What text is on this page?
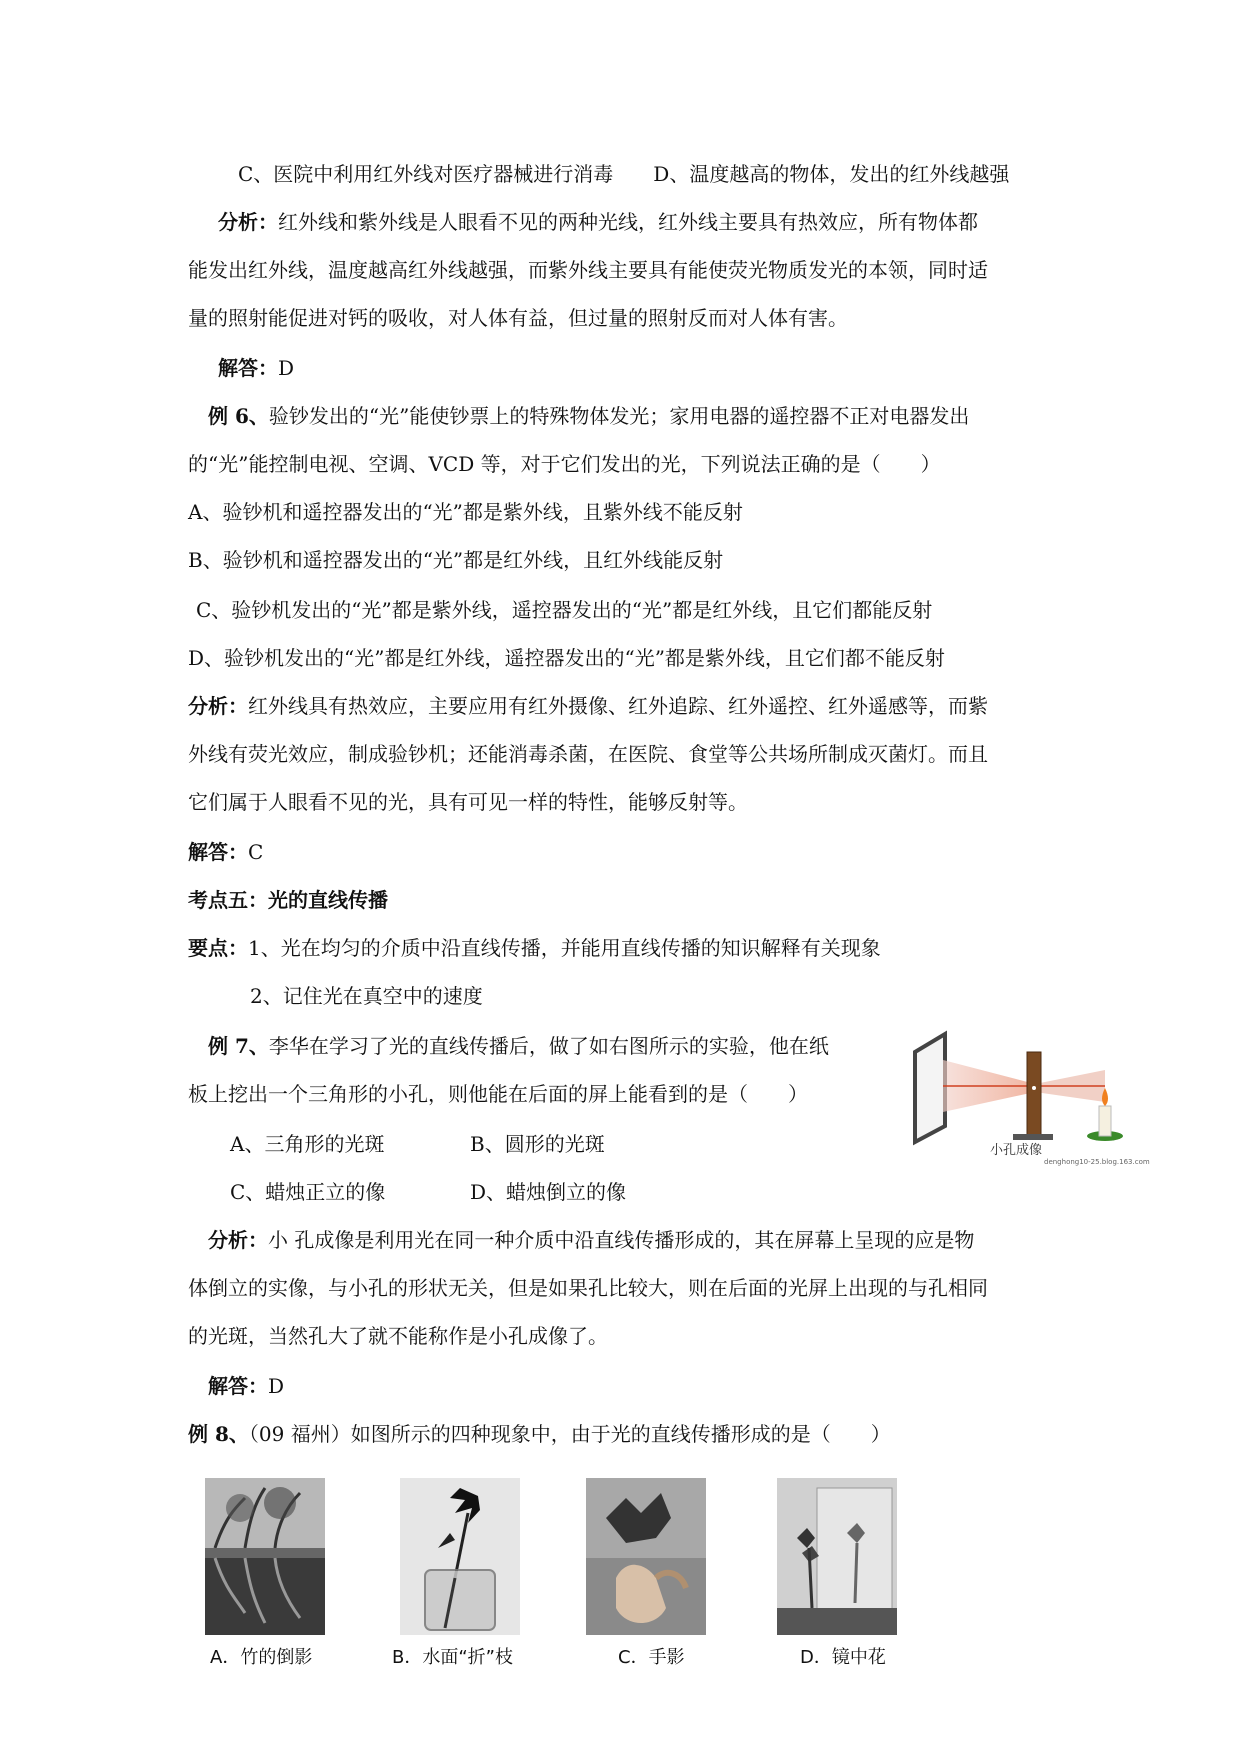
C、医院中利用红外线对医疗器械进行消毒　　D、温度越高的物体，发出的红外线越强
分析：红外线和紫外线是人眼看不见的两种光线，红外线主要具有热效应，所有物体都
能发出红外线，温度越高红外线越强，而紫外线主要具有能使荧光物质发光的本领，同时适
量的照射能促进对钙的吸收，对人体有益，但过量的照射反而对人体有害。
解答：D
例 6、验钞发出的“光”能使钞票上的特殊物体发光；家用电器的遥控器不正对电器发出
的“光”能控制电视、空调、VCD 等，对于它们发出的光，下列说法正确的是（　　）
A、验钞机和遥控器发出的“光”都是紫外线，且紫外线不能反射
B、验钞机和遥控器发出的“光”都是红外线，且红外线能反射
C、验钞机发出的“光”都是紫外线，遥控器发出的“光”都是红外线，且它们都能反射
D、验钞机发出的“光”都是红外线，遥控器发出的“光”都是紫外线，且它们都不能反射
分析：红外线具有热效应，主要应用有红外摄像、红外追踪、红外遥控、红外遥感等，而紫
外线有荧光效应，制成验钞机；还能消毒杀菌，在医院、食堂等公共场所制成灭菌灯。而且
它们属于人眼看不见的光，具有可见一样的特性，能够反射等。
解答：C
考点五：光的直线传播
要点：1、光在均匀的介质中沿直线传播，并能用直线传播的知识解释有关现象
2、记住光在真空中的速度
例 7、李华在学习了光的直线传播后，做了如右图所示的实验，他在纸
板上挖出一个三角形的小孔，则他能在后面的屏上能看到的是（　　）
A、三角形的光斑	B、圆形的光斑
C、蜡烛正立的像	D、蜡烛倒立的像
分析：小 孔成像是利用光在同一种介质中沿直线传播形成的，其在屏幕上呈现的应是物
体倒立的实像，与小孔的形状无关，但是如果孔比较大，则在后面的光屏上出现的与孔相同
的光斑，当然孔大了就不能称作是小孔成像了。
解答：D
例 8、（09 福州）如图所示的四种现象中，由于光的直线传播形成的是（　　）
小孔成像
denghong10-25.blog.163.com
A．竹的倒影	B．水面“折”枝	C．手影	D．镜中花
